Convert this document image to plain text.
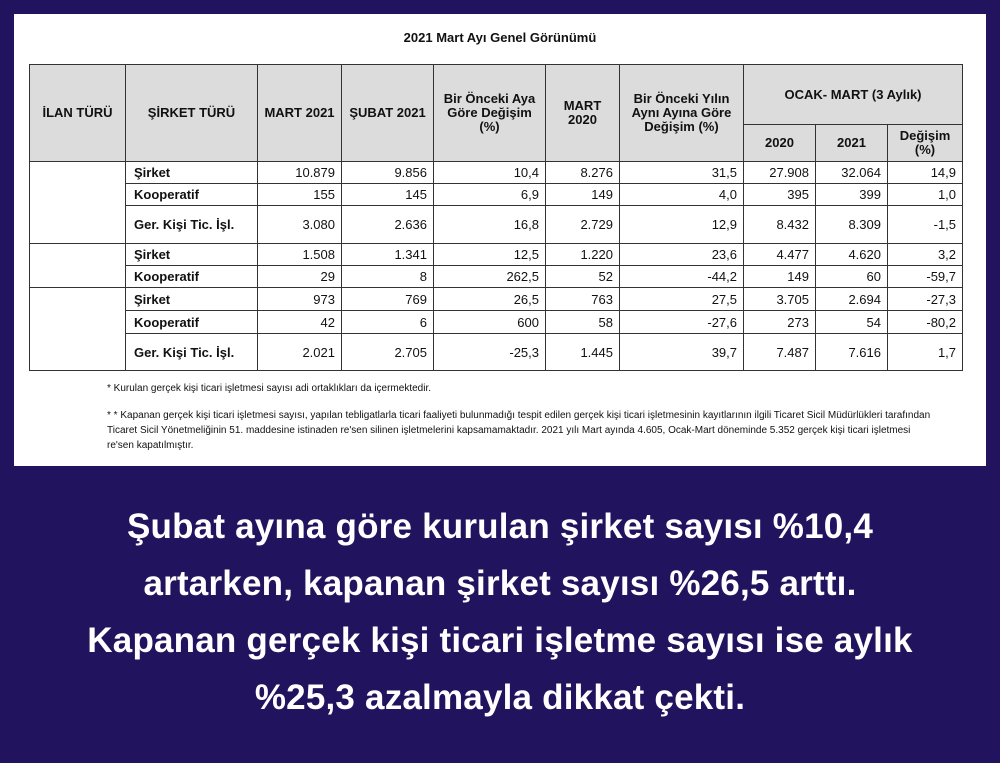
2021 Mart Ayı Genel Görünümü
İLAN TÜRÜ	ŞİRKET TÜRÜ	MART 2021	ŞUBAT 2021	Bir Önceki Aya Göre Değişim (%)	MART 2020	Bir Önceki Yılın Aynı Ayına Göre Değişim (%)	OCAK- MART (3 Aylık)		
							2020	2021	Değişim (%)
	Şirket	10.879	9.856	10,4	8.276	31,5	27.908	32.064	14,9
	Kooperatif	155	145	6,9	149	4,0	395	399	1,0
	Ger. Kişi Tic. İşl.	3.080	2.636	16,8	2.729	12,9	8.432	8.309	-1,5
	Şirket	1.508	1.341	12,5	1.220	23,6	4.477	4.620	3,2
	Kooperatif	29	8	262,5	52	-44,2	149	60	-59,7
	Şirket	973	769	26,5	763	27,5	3.705	2.694	-27,3
	Kooperatif	42	6	600	58	-27,6	273	54	-80,2
	Ger. Kişi Tic. İşl.	2.021	2.705	-25,3	1.445	39,7	7.487	7.616	1,7

* Kurulan gerçek kişi ticari işletmesi sayısı adi ortaklıkları da içermektedir.

* * Kapanan gerçek kişi ticari işletmesi sayısı, yapılan tebligatlarla ticari faaliyeti bulunmadığı tespit edilen gerçek kişi ticari işletmesinin kayıtlarının ilgili Ticaret Sicil Müdürlükleri tarafından Ticaret Sicil Yönetmeliğinin 51. maddesine istinaden re'sen silinen işletmelerini kapsamamaktadır. 2021 yılı Mart ayında 4.605, Ocak-Mart döneminde 5.352 gerçek kişi ticari işletmesi re'sen kapatılmıştır.

Şubat ayına göre kurulan şirket sayısı %10,4
artarken, kapanan şirket sayısı %26,5 arttı.
Kapanan gerçek kişi ticari işletme sayısı ise aylık
%25,3 azalmayla dikkat çekti.
